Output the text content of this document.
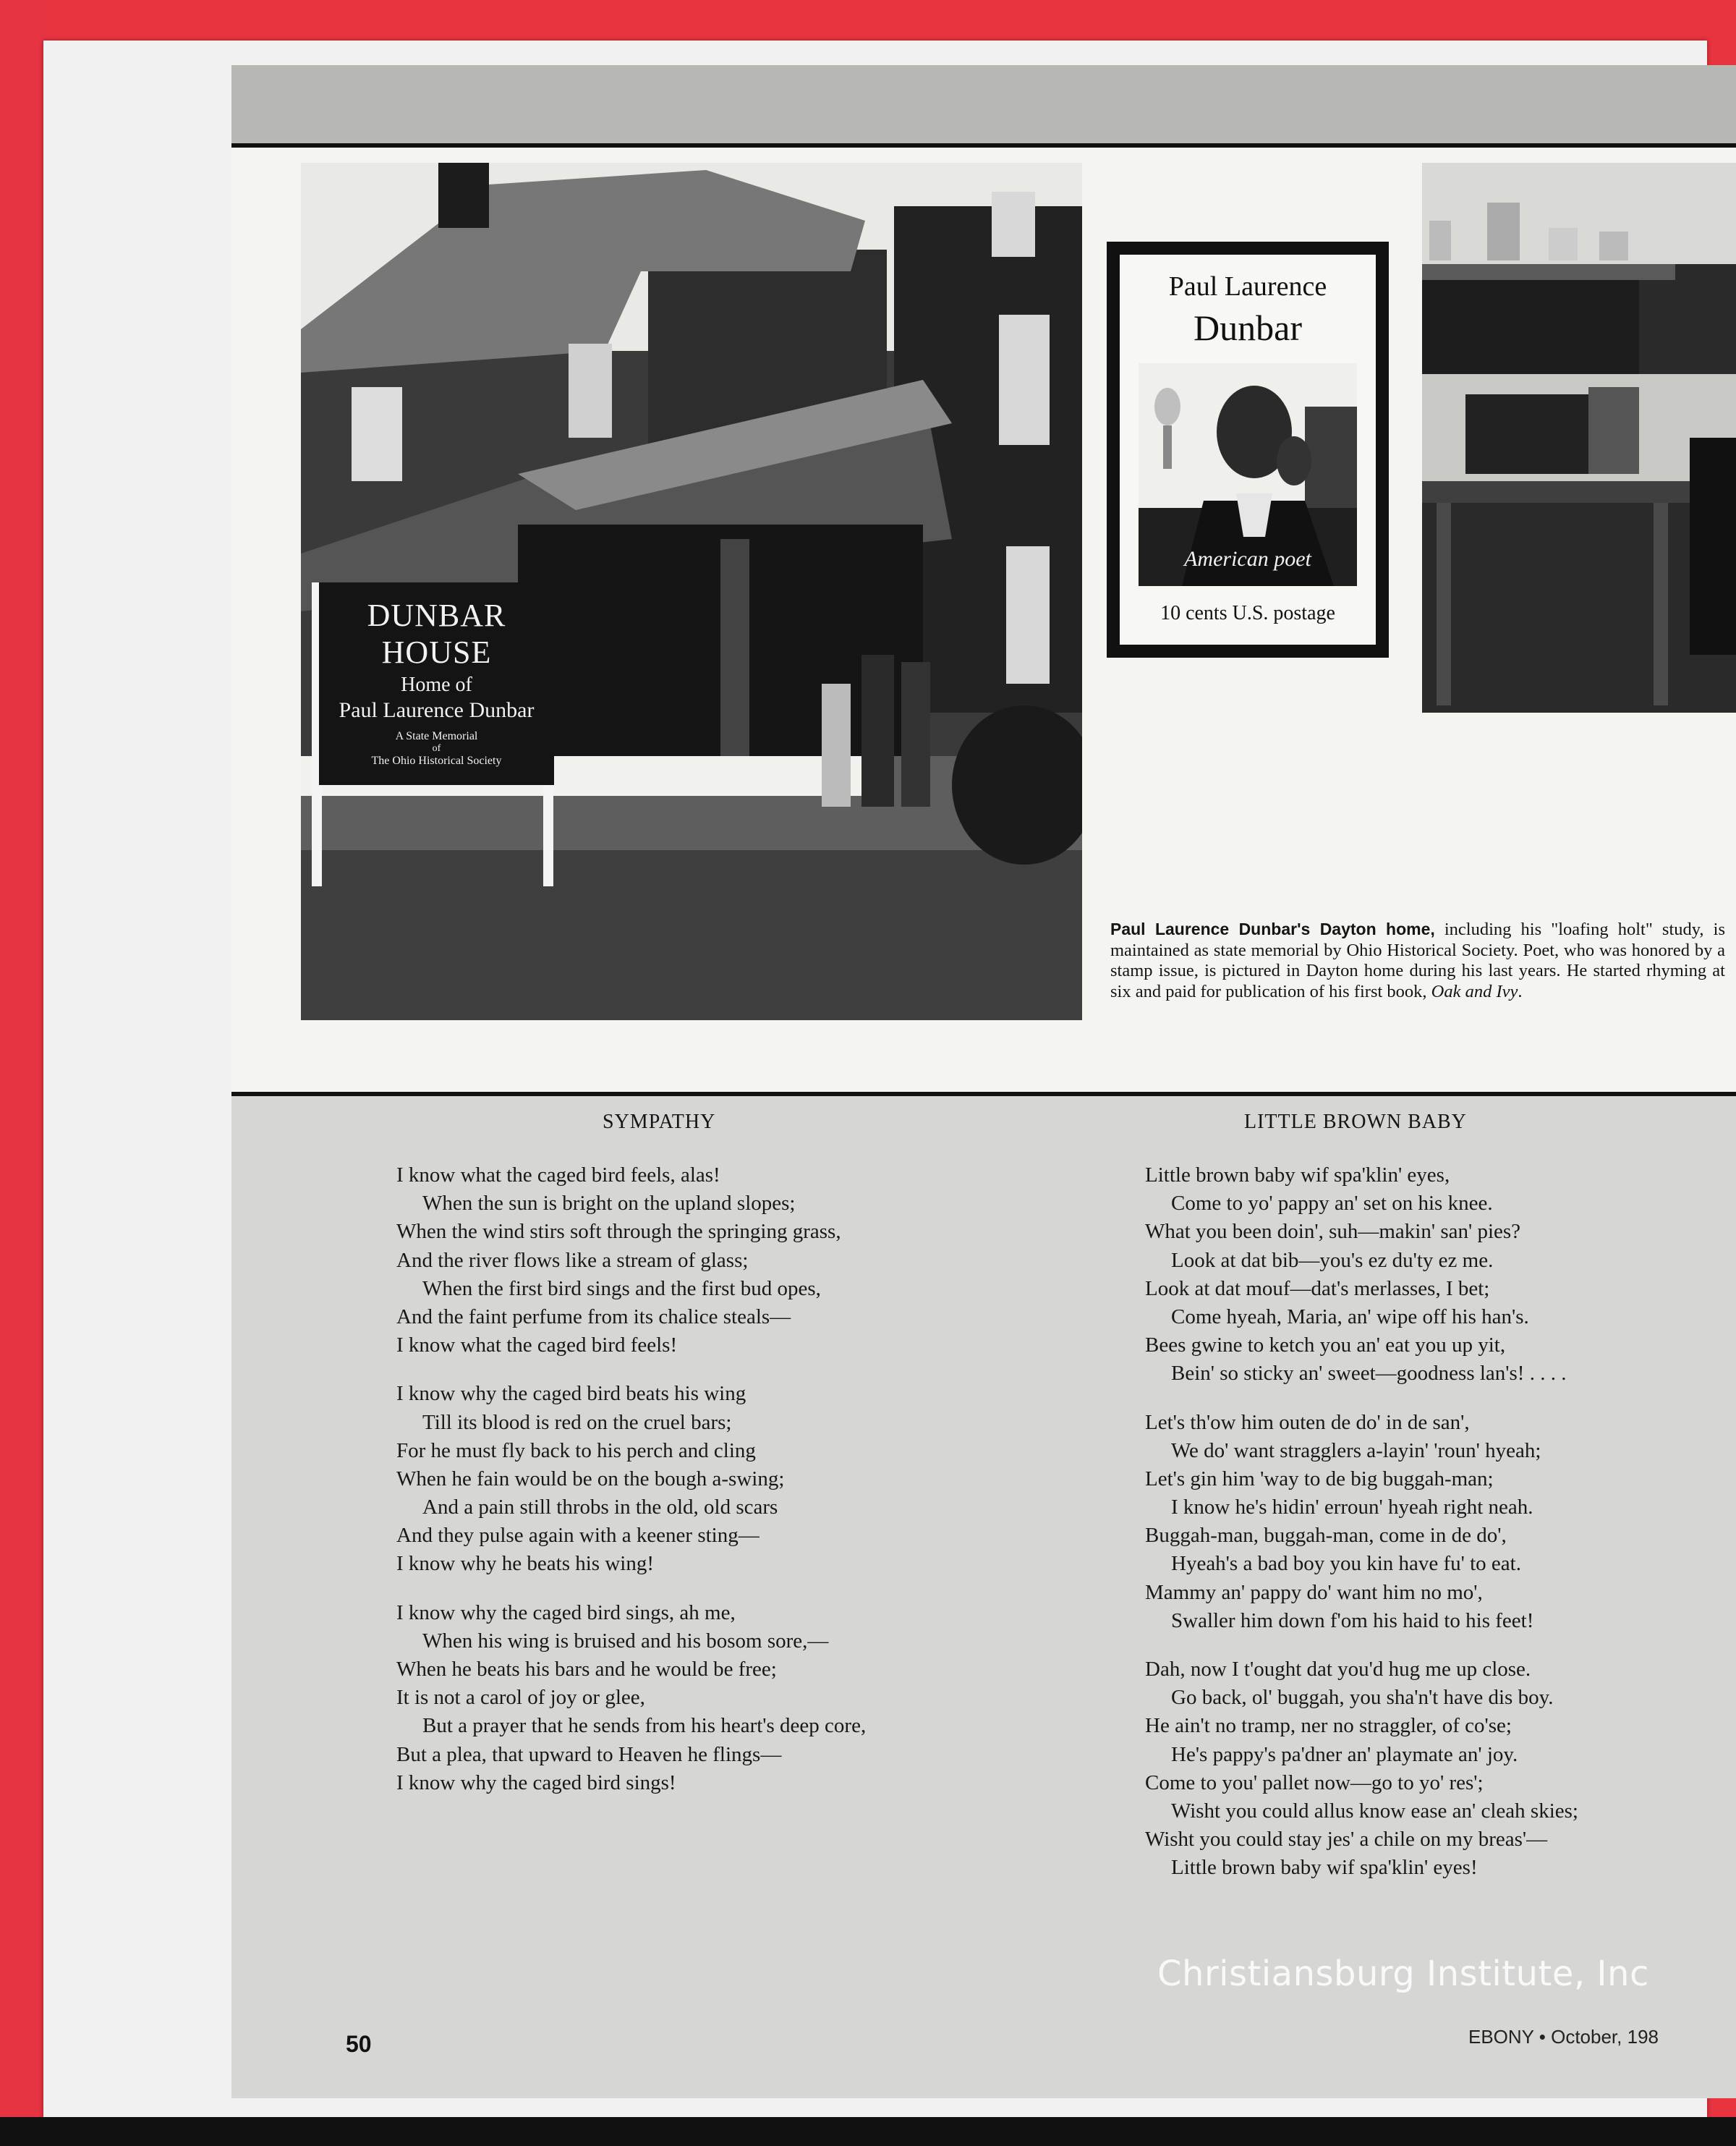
DUNBAR HOUSE
Home of
Paul Laurence Dunbar
A State Memorial
of
The Ohio Historical Society
Paul Laurence
Dunbar
American poet
10 cents U.S. postage
Paul Laurence Dunbar's Dayton home, including his "loafing holt" study, is maintained as state memorial by Ohio Historical Society. Poet, who was honored by a stamp issue, is pictured in Dayton home during his last years. He started rhyming at six and paid for publication of his first book, Oak and Ivy.
SYMPATHY
I know what the caged bird feels, alas!
When the sun is bright on the upland slopes;
When the wind stirs soft through the springing grass,
And the river flows like a stream of glass;
When the first bird sings and the first bud opes,
And the faint perfume from its chalice steals—
I know what the caged bird feels!
I know why the caged bird beats his wing
Till its blood is red on the cruel bars;
For he must fly back to his perch and cling
When he fain would be on the bough a-swing;
And a pain still throbs in the old, old scars
And they pulse again with a keener sting—
I know why he beats his wing!
I know why the caged bird sings, ah me,
When his wing is bruised and his bosom sore,—
When he beats his bars and he would be free;
It is not a carol of joy or glee,
But a prayer that he sends from his heart's deep core,
But a plea, that upward to Heaven he flings—
I know why the caged bird sings!
LITTLE BROWN BABY
Little brown baby wif spa'klin' eyes,
Come to yo' pappy an' set on his knee.
What you been doin', suh—makin' san' pies?
Look at dat bib—you's ez du'ty ez me.
Look at dat mouf—dat's merlasses, I bet;
Come hyeah, Maria, an' wipe off his han's.
Bees gwine to ketch you an' eat you up yit,
Bein' so sticky an' sweet—goodness lan's! . . . .
Let's th'ow him outen de do' in de san',
We do' want stragglers a-layin' 'roun' hyeah;
Let's gin him 'way to de big buggah-man;
I know he's hidin' erroun' hyeah right neah.
Buggah-man, buggah-man, come in de do',
Hyeah's a bad boy you kin have fu' to eat.
Mammy an' pappy do' want him no mo',
Swaller him down f'om his haid to his feet!
Dah, now I t'ought dat you'd hug me up close.
Go back, ol' buggah, you sha'n't have dis boy.
He ain't no tramp, ner no straggler, of co'se;
He's pappy's pa'dner an' playmate an' joy.
Come to you' pallet now—go to yo' res';
Wisht you could allus know ease an' cleah skies;
Wisht you could stay jes' a chile on my breas'—
Little brown baby wif spa'klin' eyes!
50	EBONY • October, 198
Christiansburg Institute, Inc
